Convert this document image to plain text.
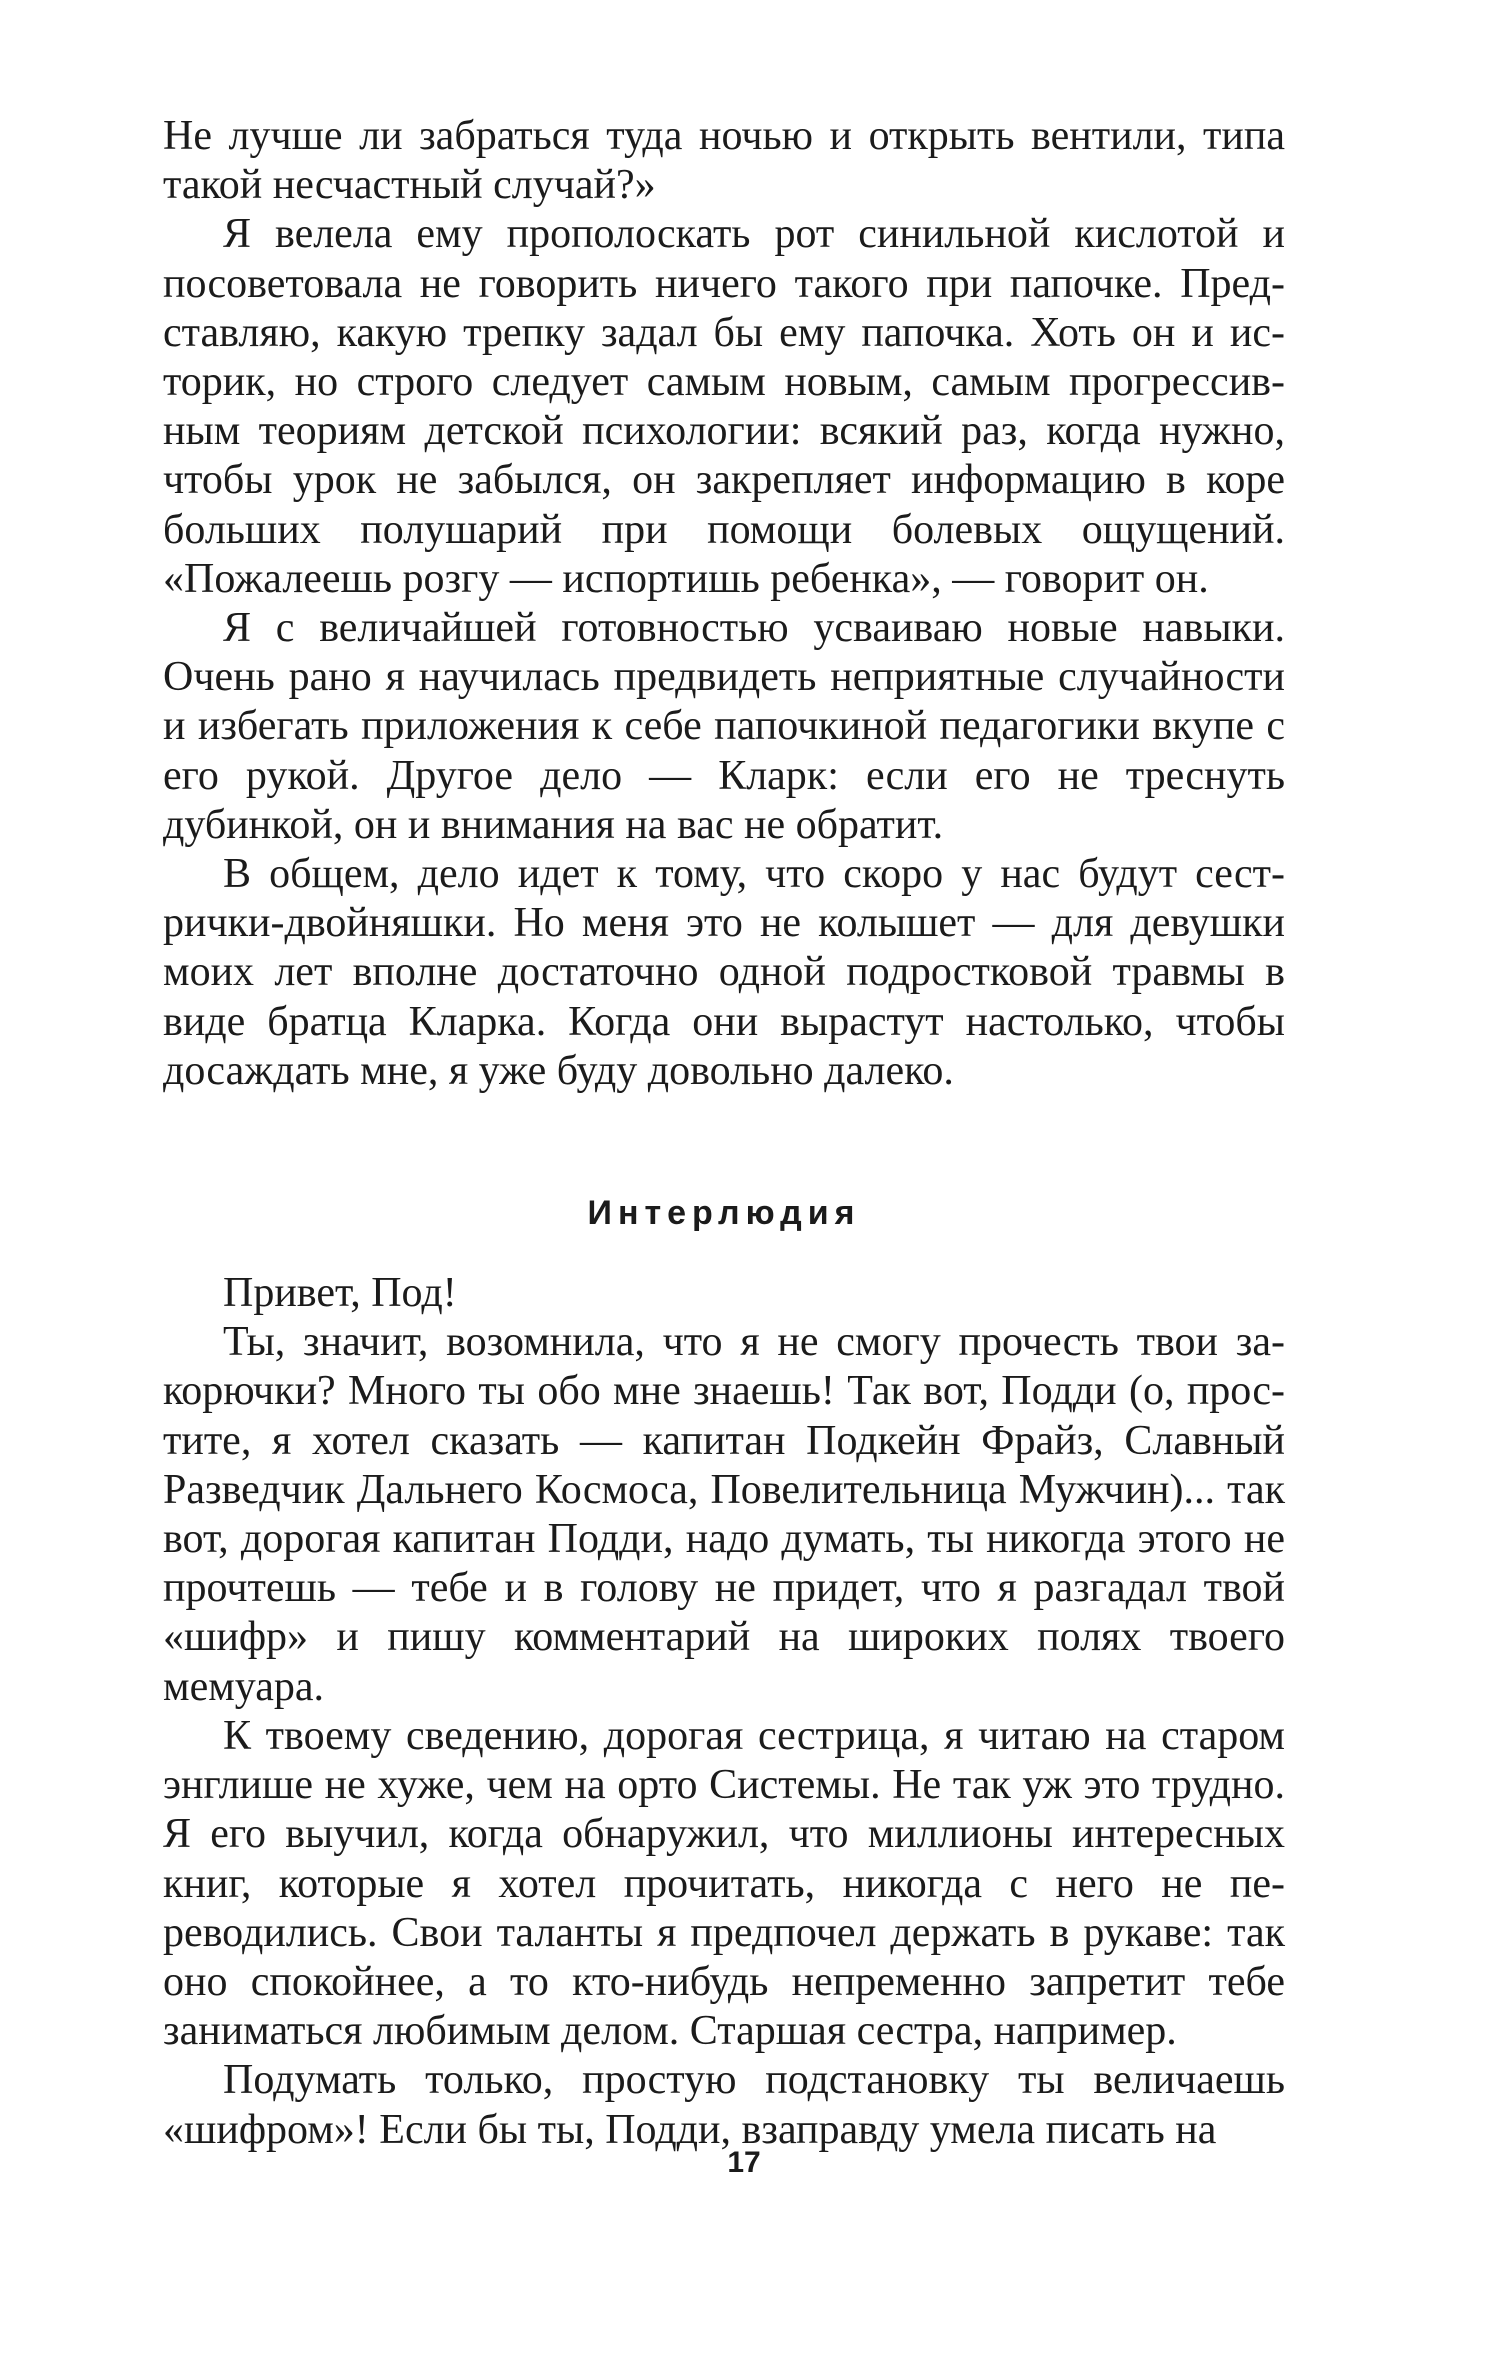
Не лучше ли забраться туда ночью и открыть вентили, типа такой несчастный случай?»

Я велела ему прополоскать рот синильной кислотой и посоветовала не говорить ничего такого при папочке. Представляю, какую трепку задал бы ему папочка. Хоть он и историк, но строго следует самым новым, самым прогрессивным теориям детской психологии: всякий раз, когда нужно, чтобы урок не забылся, он закрепляет информацию в коре больших полушарий при помощи болевых ощущений. «Пожалеешь розгу — испортишь ребенка», — говорит он.

Я с величайшей готовностью усваиваю новые навыки. Очень рано я научилась предвидеть неприятные случайности и избегать приложения к себе папочкиной педагогики вкупе с его рукой. Другое дело — Кларк: если его не треснуть дубинкой, он и внимания на вас не обратит.

В общем, дело идет к тому, что скоро у нас будут сестрички-двойняшки. Но меня это не колышет — для девушки моих лет вполне достаточно одной подростковой травмы в виде братца Кларка. Когда они вырастут настолько, чтобы досаждать мне, я уже буду довольно далеко.

Интерлюдия

Привет, Под!

Ты, значит, возомнила, что я не смогу прочесть твои закорючки? Много ты обо мне знаешь! Так вот, Подди (о, простите, я хотел сказать — капитан Подкейн Фрайз, Славный Разведчик Дальнего Космоса, Повелительница Мужчин)... так вот, дорогая капитан Подди, надо думать, ты никогда этого не прочтешь — тебе и в голову не придет, что я разгадал твой «шифр» и пишу комментарий на широких полях твоего мемуара.

К твоему сведению, дорогая сестрица, я читаю на старом энглише не хуже, чем на орто Системы. Не так уж это трудно. Я его выучил, когда обнаружил, что миллионы интересных книг, которые я хотел прочитать, никогда с него не переводились. Свои таланты я предпочел держать в рукаве: так оно спокойнее, а то кто-нибудь непременно запретит тебе заниматься любимым делом. Старшая сестра, например.

Подумать только, простую подстановку ты величаешь «шифром»! Если бы ты, Подди, взаправду умела писать на

17
